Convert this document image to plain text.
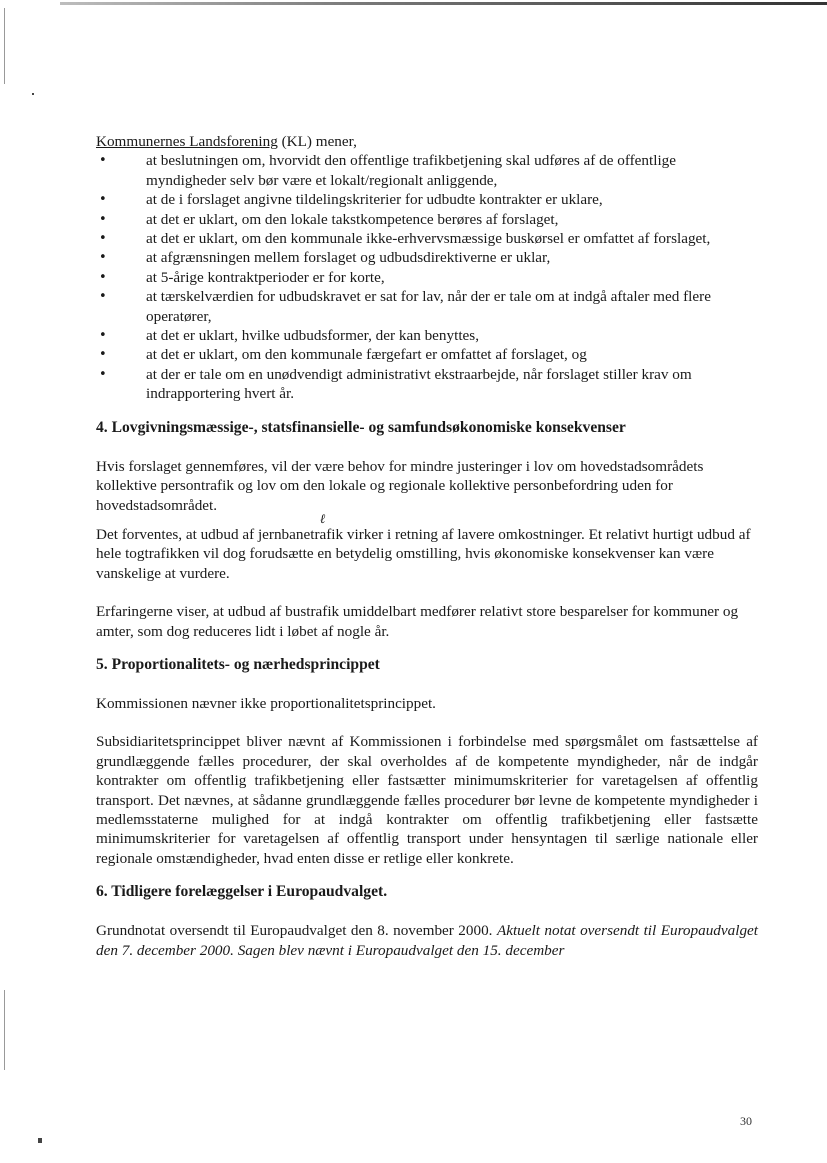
Kommunernes Landsforening (KL) mener,

• at beslutningen om, hvorvidt den offentlige trafikbetjening skal udføres af de offentlige myndigheder selv bør være et lokalt/regionalt anliggende,
• at de i forslaget angivne tildelingskriterier for udbudte kontrakter er uklare,
• at det er uklart, om den lokale takstkompetence berøres af forslaget,
• at det er uklart, om den kommunale ikke-erhvervsmæssige buskørsel er omfattet af forslaget,
• at afgrænsningen mellem forslaget og udbudsdirektiverne er uklar,
• at 5-årige kontraktperioder er for korte,
• at tærskelværdien for udbudskravet er sat for lav, når der er tale om at indgå aftaler med flere operatører,
• at det er uklart, hvilke udbudsformer, der kan benyttes,
• at det er uklart, om den kommunale færgefart er omfattet af forslaget, og
• at der er tale om en unødvendigt administrativt ekstraarbejde, når forslaget stiller krav om indrapportering hvert år.
4. Lovgivningsmæssige-, statsfinansielle- og samfundsøkonomiske konsekvenser

Hvis forslaget gennemføres, vil der være behov for mindre justeringer i lov om hovedstadsområdets kollektive persontrafik og lov om den lokale og regionale kollektive personbefordring uden for hovedstadsområdet.

ℓ

Det forventes, at udbud af jernbanetrafik virker i retning af lavere omkostninger. Et relativt hurtigt udbud af hele togtrafikken vil dog forudsætte en betydelig omstilling, hvis økonomiske konsekvenser kan være vanskelige at vurdere.

Erfaringerne viser, at udbud af bustrafik umiddelbart medfører relativt store besparelser for kommuner og amter, som dog reduceres lidt i løbet af nogle år.

5. Proportionalitets- og nærhedsprincippet

Kommissionen nævner ikke proportionalitetsprincippet.

Subsidiaritetsprincippet bliver nævnt af Kommissionen i forbindelse med spørgsmålet om fastsættelse af grundlæggende fælles procedurer, der skal overholdes af de kompetente myndigheder, når de indgår kontrakter om offentlig trafikbetjening eller fastsætter minimumskriterier for varetagelsen af offentlig transport. Det nævnes, at sådanne grundlæggende fælles procedurer bør levne de kompetente myndigheder i medlemsstaterne mulighed for at indgå kontrakter om offentlig trafikbetjening eller fastsætte minimumskriterier for varetagelsen af offentlig transport under hensyntagen til særlige nationale eller regionale omstændigheder, hvad enten disse er retlige eller konkrete.

6. Tidligere forelæggelser i Europaudvalget.

Grundnotat oversendt til Europaudvalget den 8. november 2000. Aktuelt notat oversendt til Europaudvalget den 7. december 2000. Sagen blev nævnt i Europaudvalget den 15. december

30
